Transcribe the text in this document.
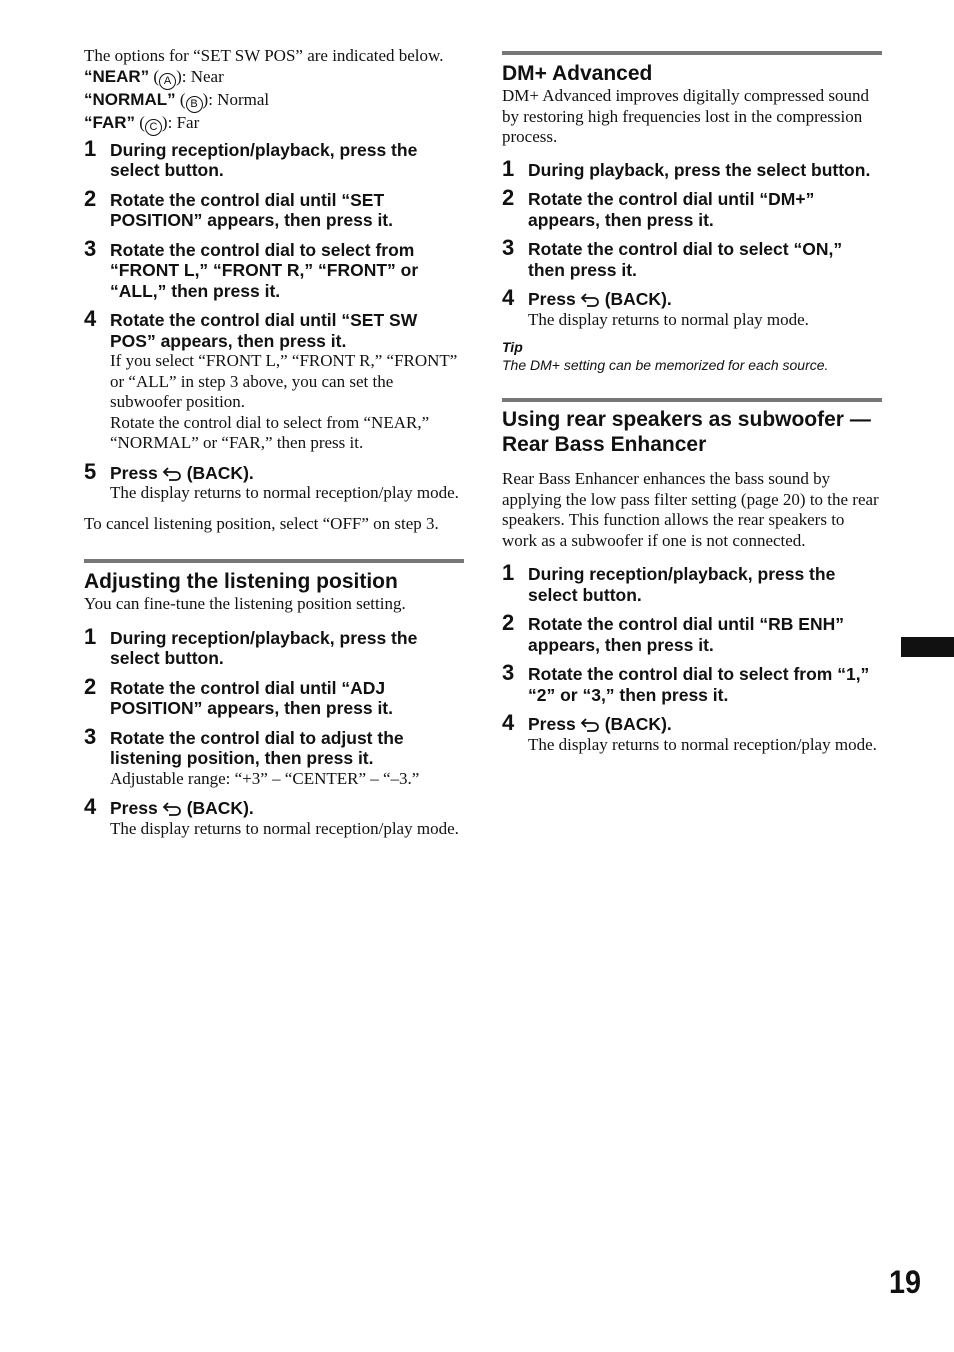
The options for “SET SW POS” are indicated below.

“NEAR” ( A ): Near
“NORMAL” ( B ): Normal
“FAR” ( C ): Far
1 During reception/playback, press the select button.
2 Rotate the control dial until “SET POSITION” appears, then press it.
3 Rotate the control dial to select from “FRONT L,” “FRONT R,” “FRONT” or “ALL,” then press it.
4 Rotate the control dial until “SET SW POS” appears, then press it.
If you select “FRONT L,” “FRONT R,” “FRONT” or “ALL” in step 3 above, you can set the subwoofer position.
Rotate the control dial to select from “NEAR,” “NORMAL” or “FAR,” then press it.
5 Press (BACK).
The display returns to normal reception/play mode.

To cancel listening position, select “OFF” on step 3.

Adjusting the listening position

You can fine-tune the listening position setting.

1 During reception/playback, press the select button.
2 Rotate the control dial until “ADJ POSITION” appears, then press it.
3 Rotate the control dial to adjust the listening position, then press it.
Adjustable range: “+3” – “CENTER” – “–3.”
4 Press (BACK).
The display returns to normal reception/play mode.
DM+ Advanced

DM+ Advanced improves digitally compressed sound by restoring high frequencies lost in the compression process.

1 During playback, press the select button.
2 Rotate the control dial until “DM+” appears, then press it.
3 Rotate the control dial to select “ON,” then press it.
4 Press (BACK).
The display returns to normal play mode.
Tip
The DM+ setting can be memorized for each source.
Using rear speakers as subwoofer — Rear Bass Enhancer

Rear Bass Enhancer enhances the bass sound by applying the low pass filter setting (page 20) to the rear speakers. This function allows the rear speakers to work as a subwoofer if one is not connected.

1 During reception/playback, press the select button.
2 Rotate the control dial until “RB ENH” appears, then press it.
3 Rotate the control dial to select from “1,” “2” or “3,” then press it.
4 Press (BACK).
The display returns to normal reception/play mode.
19
